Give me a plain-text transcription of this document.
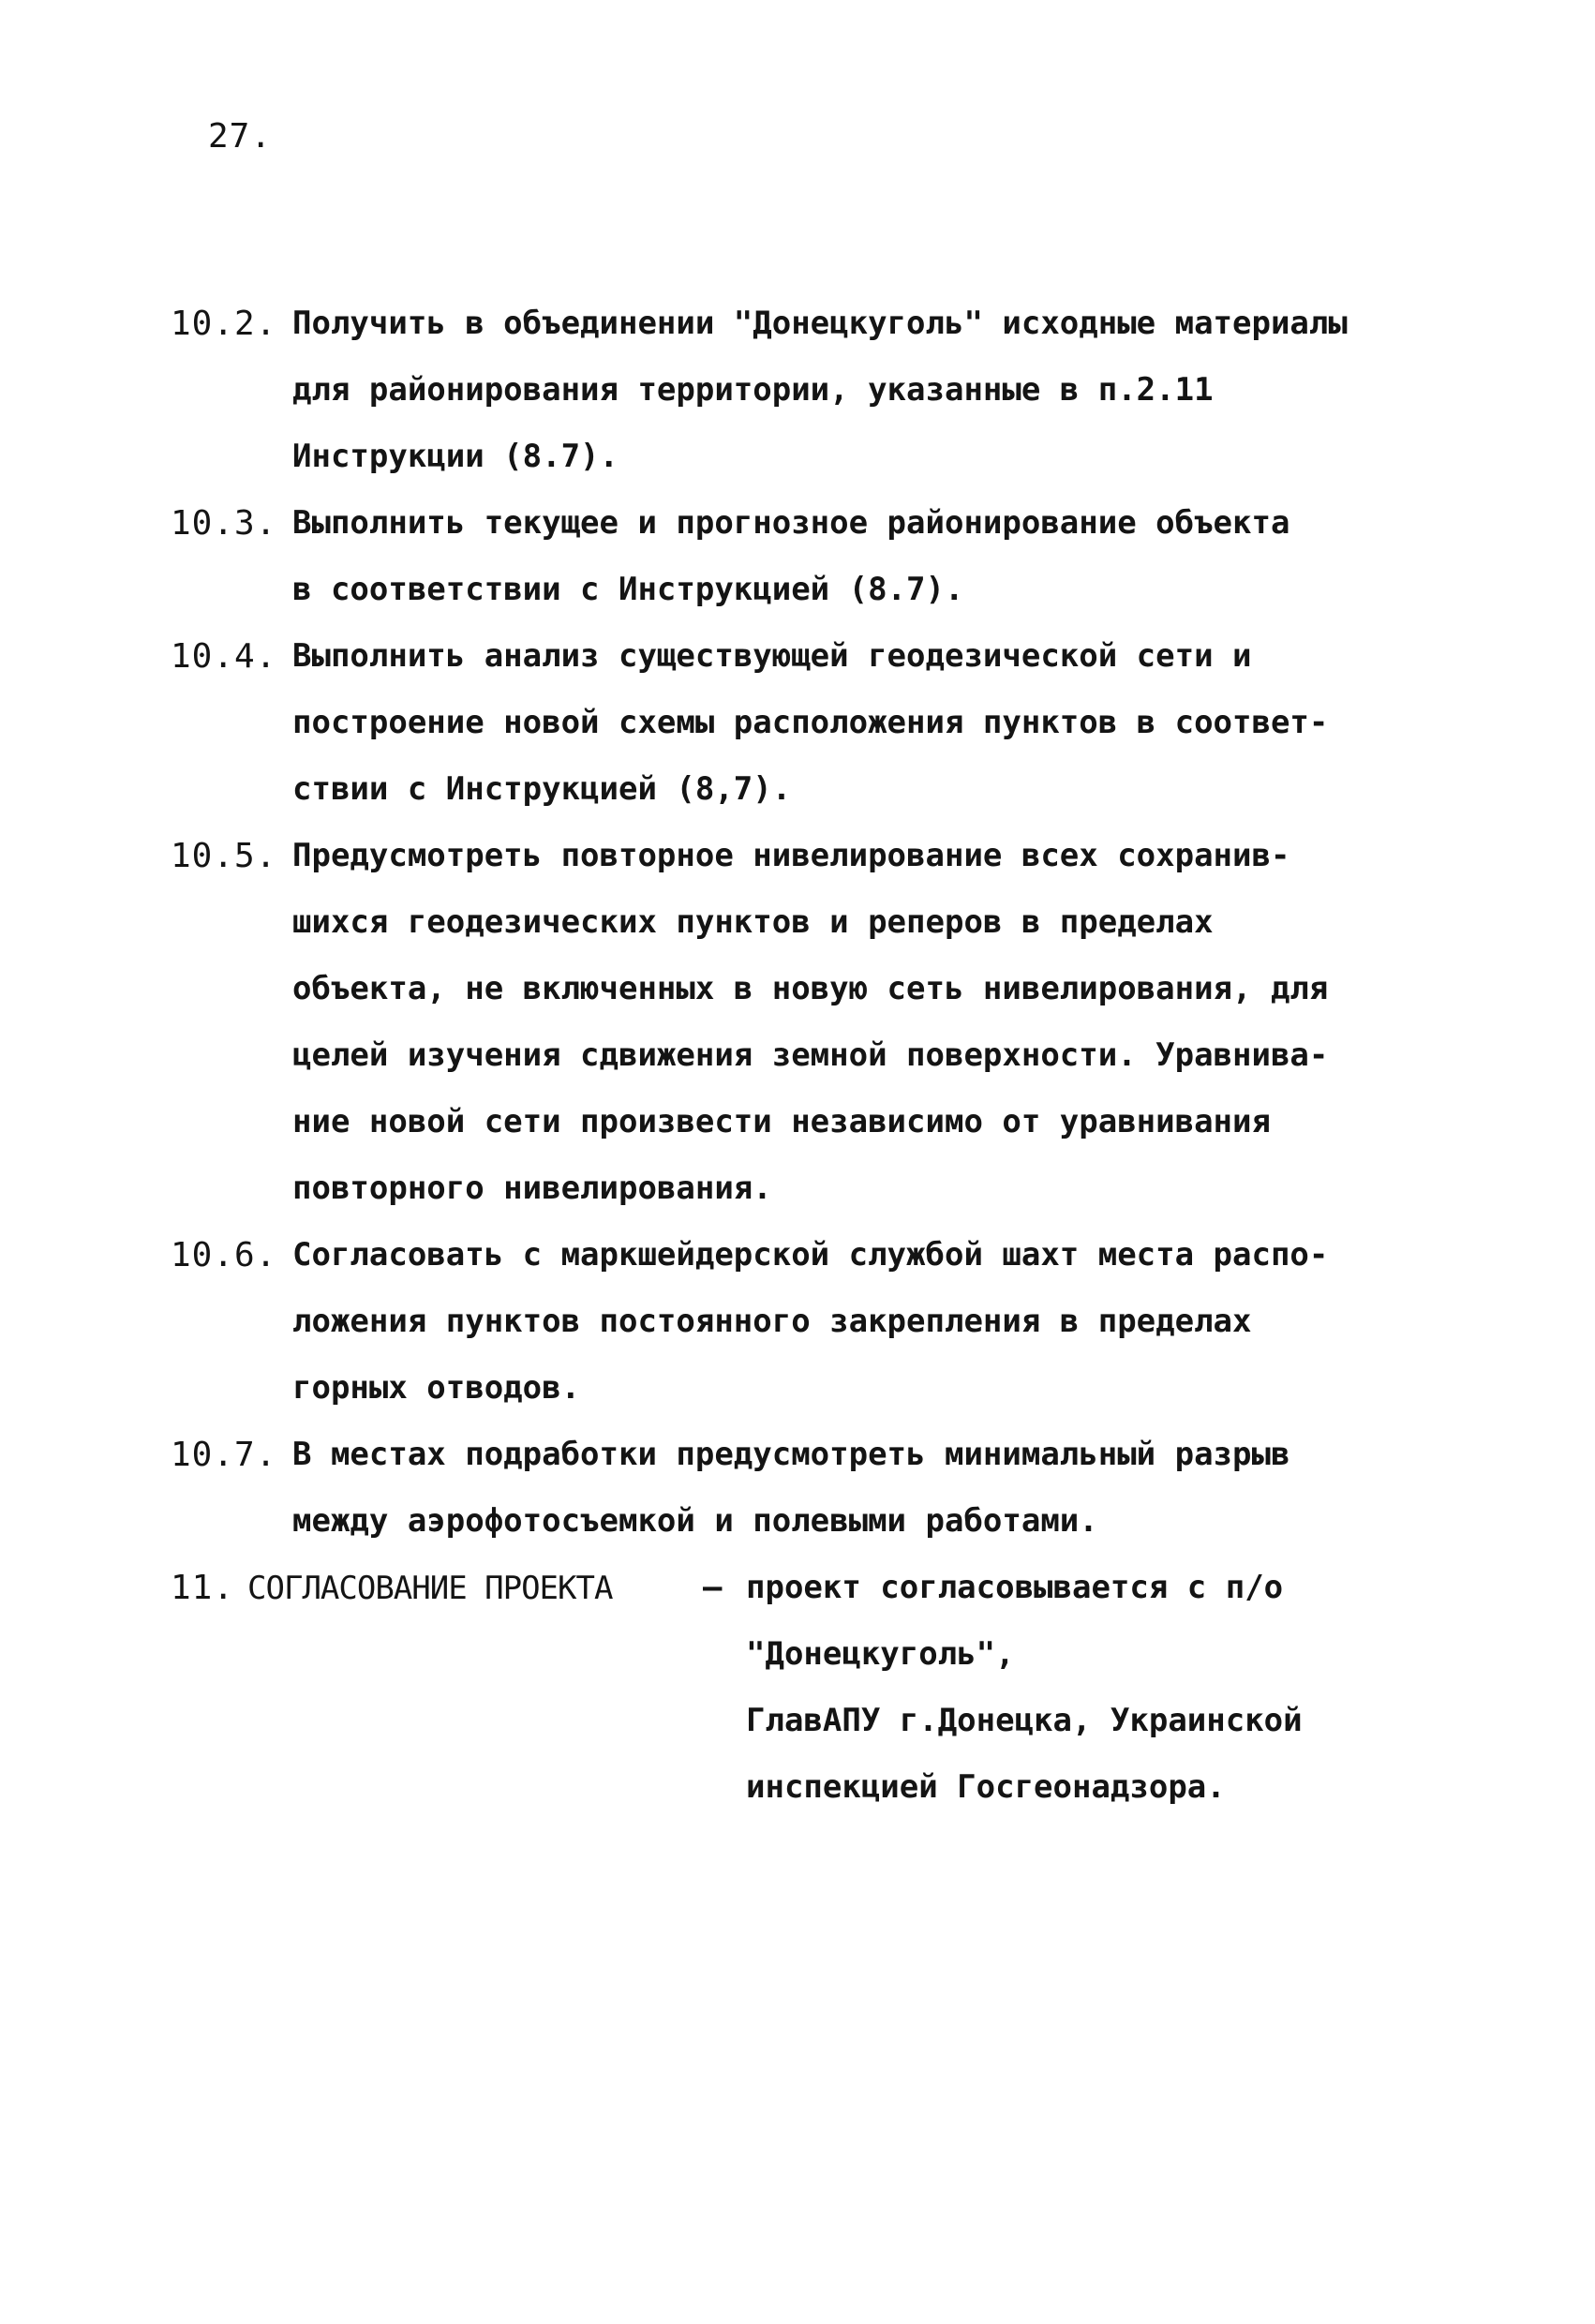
27.
10.2. Получить в объединении "Донецкуголь" исходные материалы
для районирования территории, указанные в п.2.11
Инструкции (8.7).
10.3. Выполнить текущее и прогнозное районирование объекта
в соответствии с Инструкцией (8.7).
10.4. Выполнить анализ существующей геодезической сети и
построение новой схемы расположения пунктов в соответ-
ствии с Инструкцией (8,7).
10.5. Предусмотреть повторное нивелирование всех сохранив-
шихся геодезических пунктов и реперов в пределах
объекта, не включенных в новую сеть нивелирования, для
целей изучения сдвижения земной поверхности. Уравнива-
ние новой сети произвести независимо от уравнивания
повторного нивелирования.
10.6. Согласовать с маркшейдерской службой шахт места распо-
ложения пунктов постоянного закрепления в пределах
горных отводов.
10.7. В местах подработки предусмотреть минимальный разрыв
между аэрофотосъемкой и полевыми работами.
11. СОГЛАСОВАНИЕ ПРОЕКТА	– проект согласовывается с п/о
"Донецкуголь",
ГлавАПУ г.Донецка, Украинской
инспекцией Госгеонадзора.
